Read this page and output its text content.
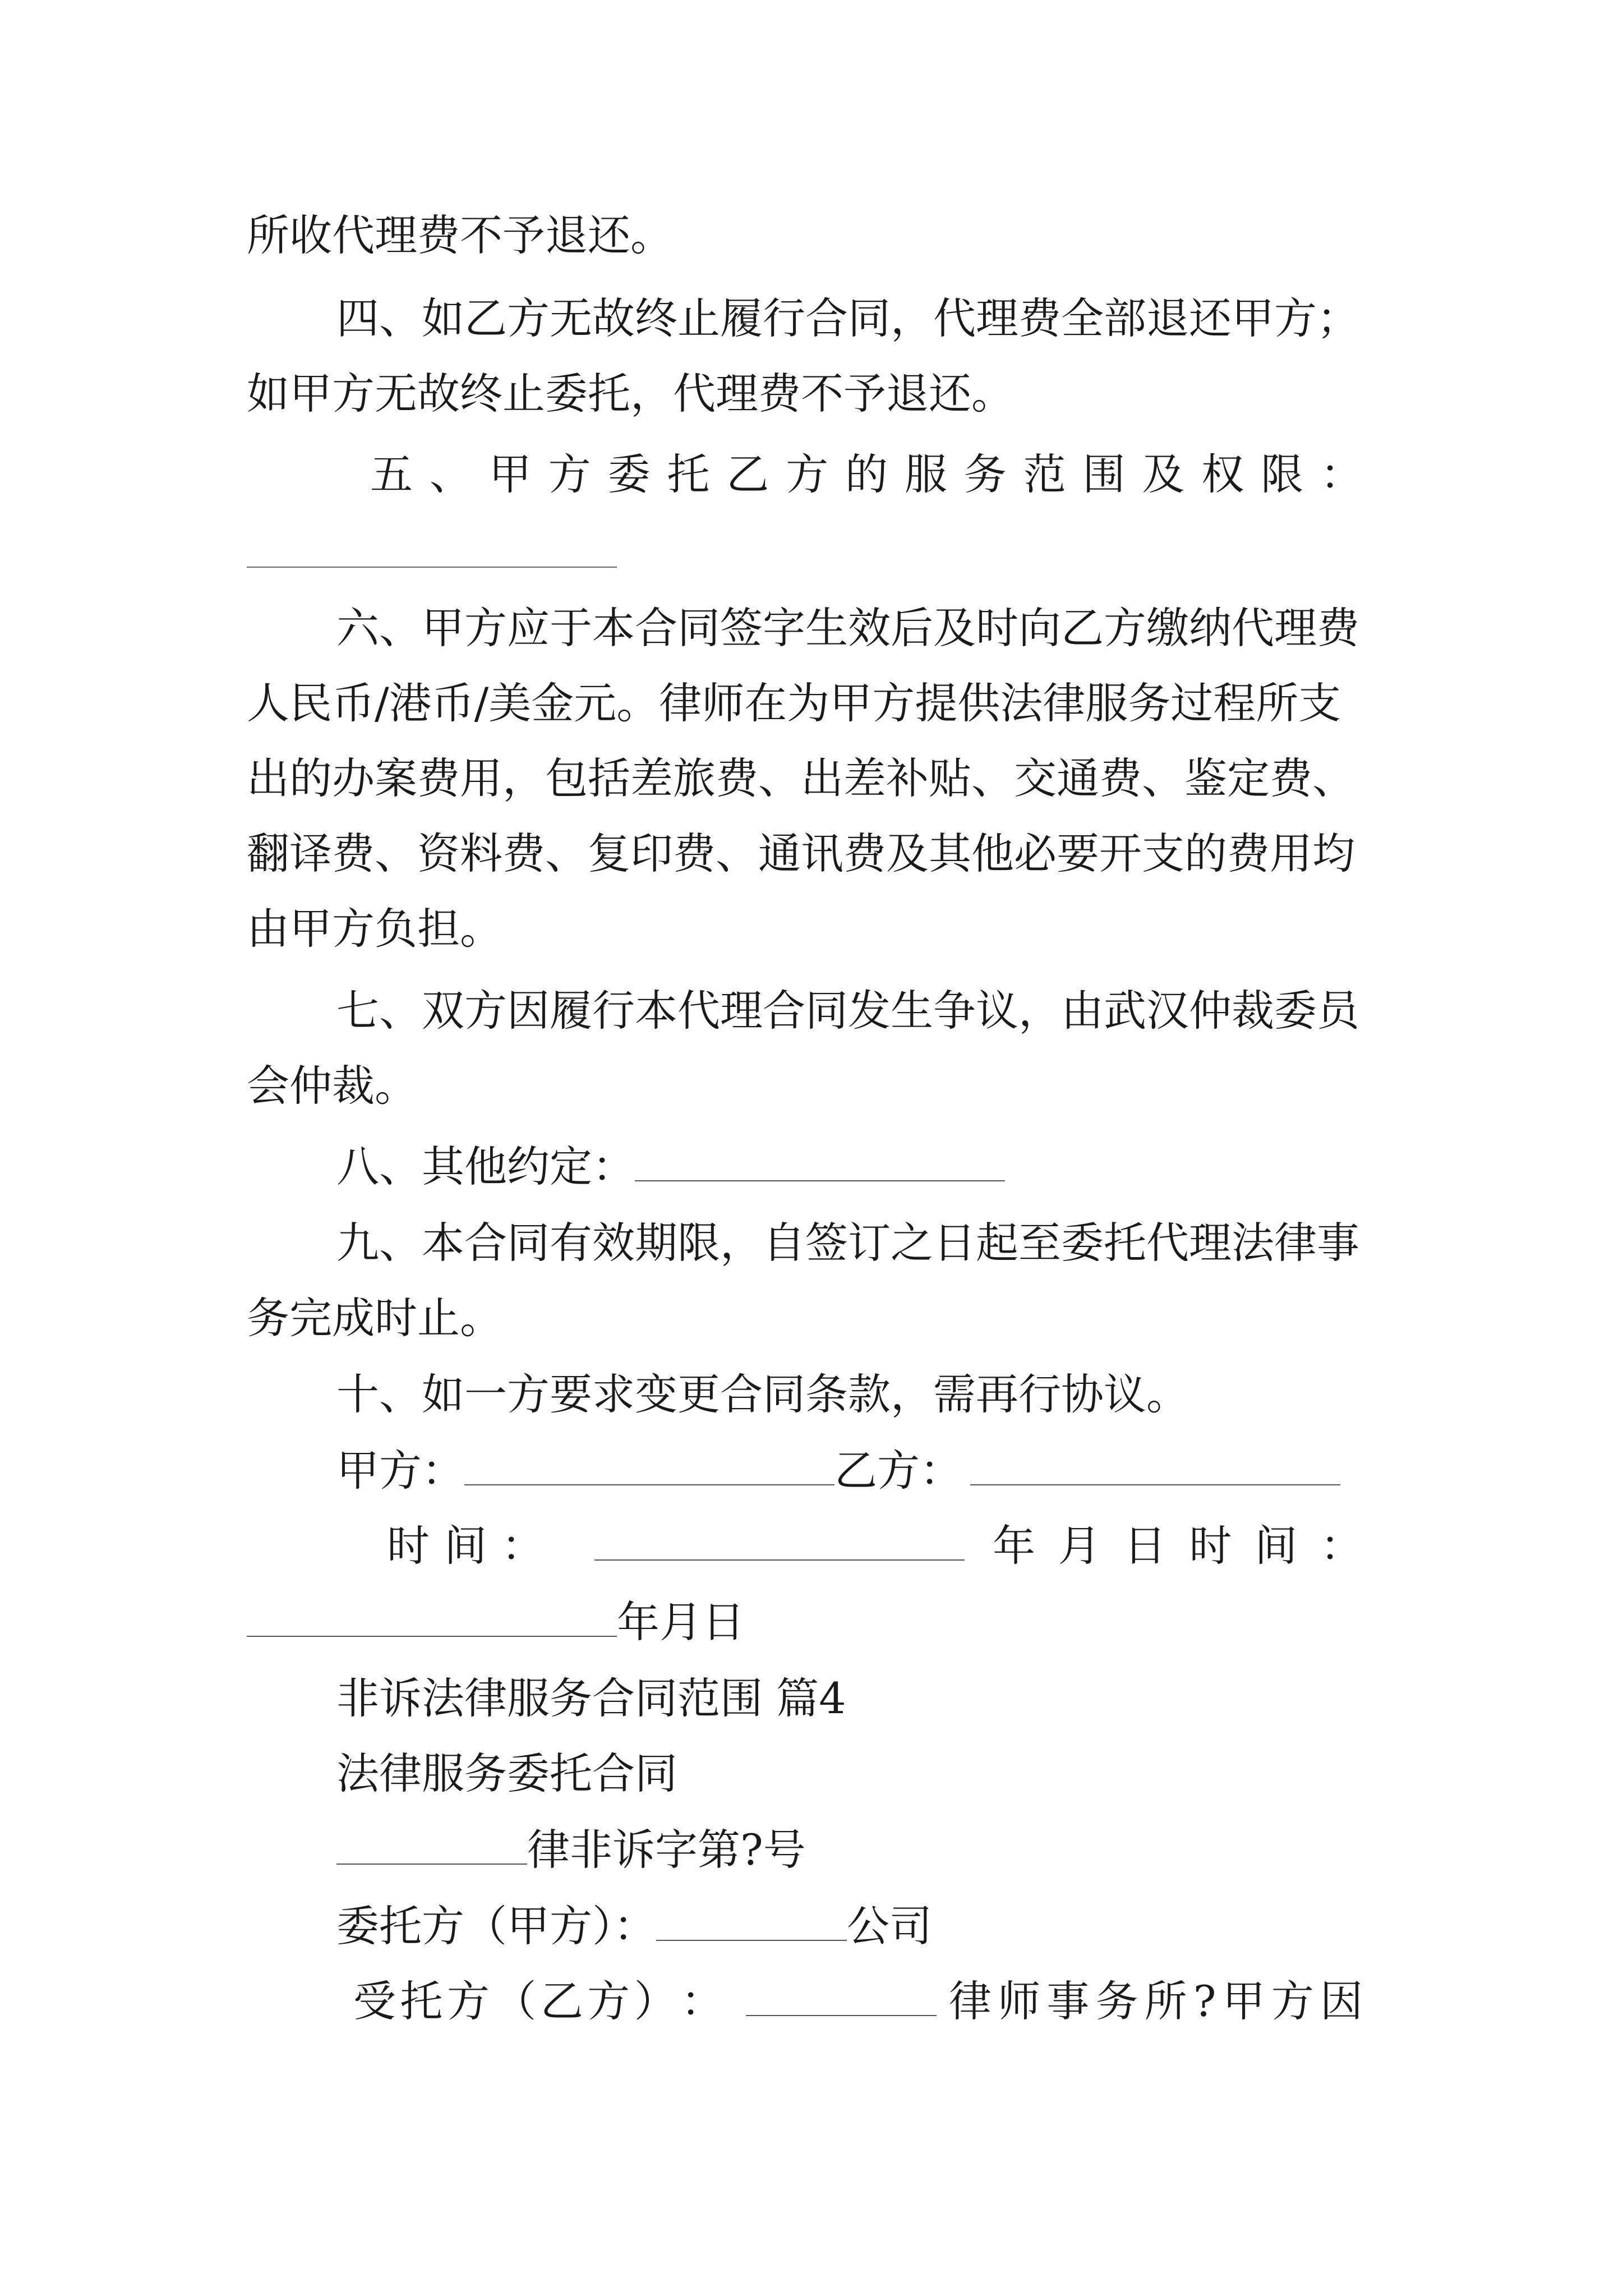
所收代理费不予退还。
四、如乙方无故终止履行合同，代理费全部退还甲方；
如甲方无故终止委托，代理费不予退还。
五 、 甲 方 委 托 乙 方 的 服 务 范 围 及 权 限 ：
六、甲方应于本合同签字生效后及时向乙方缴纳代理费
人民币/港币/美金元。律师在为甲方提供法律服务过程所支
出的办案费用，包括差旅费、出差补贴、交通费、鉴定费、
翻译费、资料费、复印费、通讯费及其他必要开支的费用均
由甲方负担。
七、双方因履行本代理合同发生争议，由武汉仲裁委员
会仲裁。
八、其他约定：
九、本合同有效期限，自签订之日起至委托代理法律事
务完成时止。
十、如一方要求变更合同条款，需再行协议。
甲方：	乙方：
时 间 ：	年 月 日 时 间 ：
年月日
非诉法律服务合同范围 篇4
法律服务委托合同
律非诉字第?号
委托方（甲方）：	公司
受 托 方 （ 乙 方 ） ：	律 师 事 务 所 ? 甲 方 因
